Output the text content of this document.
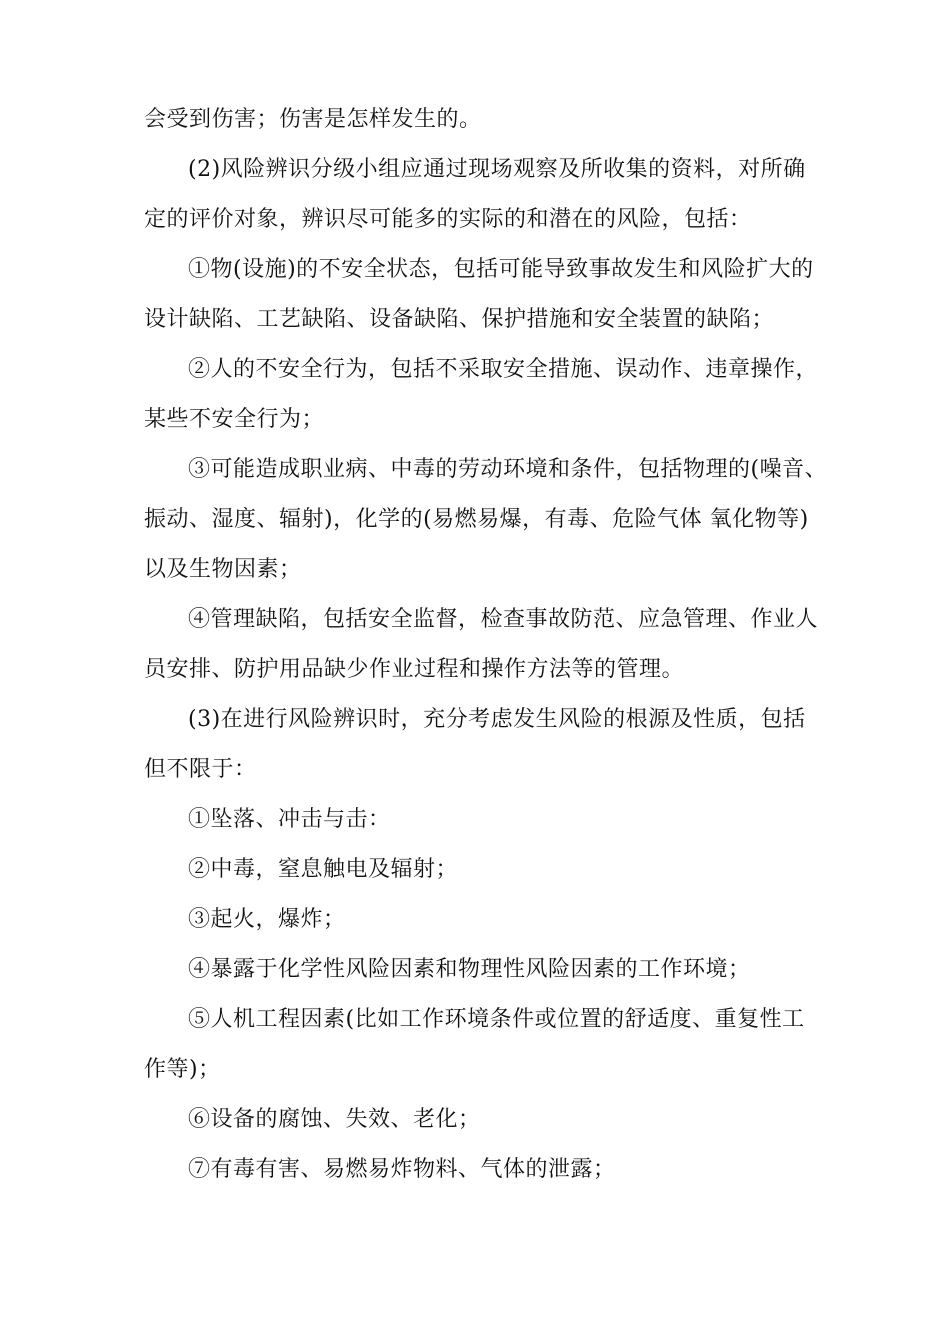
会受到伤害；伤害是怎样发生的。
(2)风险辨识分级小组应通过现场观察及所收集的资料，对所确
定的评价对象，辨识尽可能多的实际的和潜在的风险，包括：
①物(设施)的不安全状态，包括可能导致事故发生和风险扩大的
设计缺陷、工艺缺陷、设备缺陷、保护措施和安全装置的缺陷；
②人的不安全行为，包括不采取安全措施、误动作、违章操作，
某些不安全行为；
③可能造成职业病、中毒的劳动环境和条件，包括物理的(噪音、
振动、湿度、辐射)，化学的(易燃易爆，有毒、危险气体 氧化物等)
以及生物因素；
④管理缺陷，包括安全监督，检查事故防范、应急管理、作业人
员安排、防护用品缺少作业过程和操作方法等的管理。
(3)在进行风险辨识时，充分考虑发生风险的根源及性质，包括
但不限于：
①坠落、冲击与击：
②中毒，窒息触电及辐射；
③起火，爆炸；
④暴露于化学性风险因素和物理性风险因素的工作环境；
⑤人机工程因素(比如工作环境条件或位置的舒适度、重复性工
作等)；
⑥设备的腐蚀、失效、老化；
⑦有毒有害、易燃易炸物料、气体的泄露；
